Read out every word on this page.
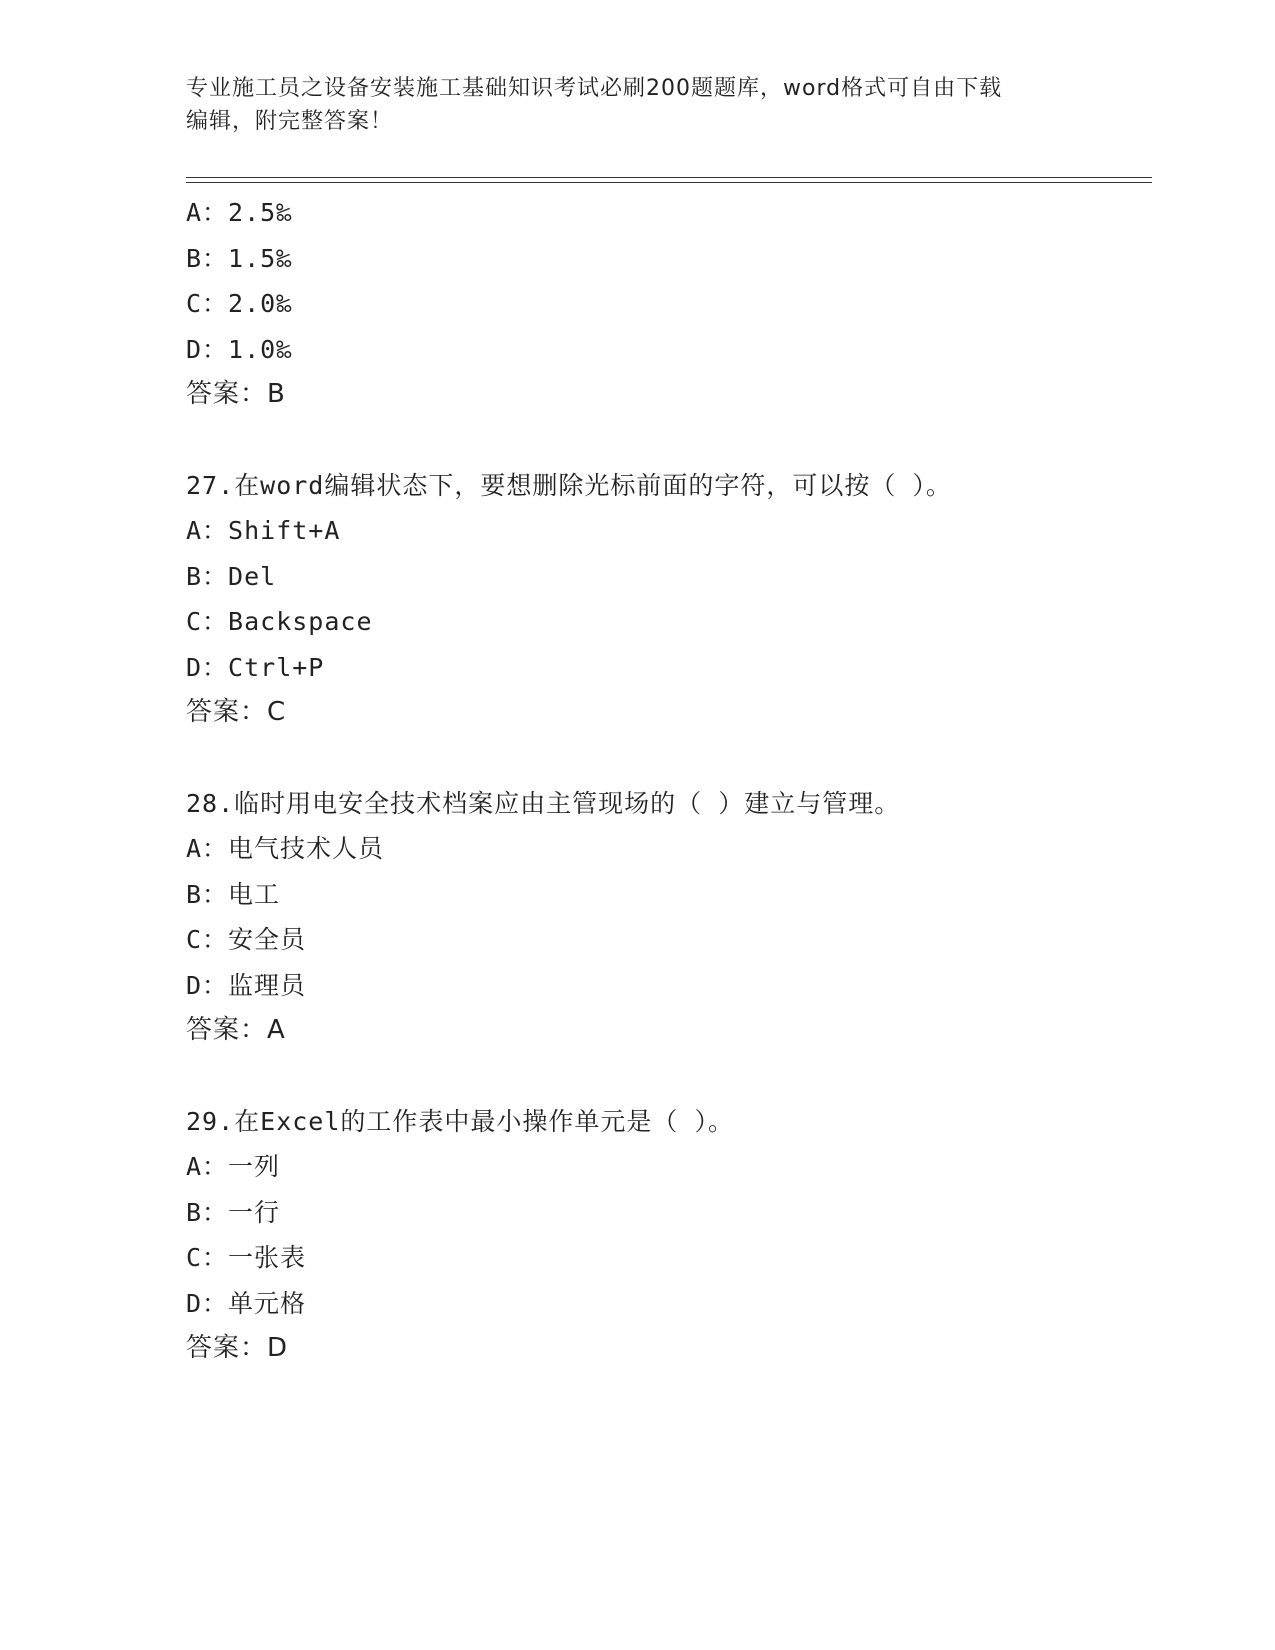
专业施工员之设备安装施工基础知识考试必刷200题题库，word格式可自由下载
编辑，附完整答案！
A：2.5‰
B：1.5‰
C：2.0‰
D：1.0‰
答案：B
27.在word编辑状态下，要想删除光标前面的字符，可以按（ ）。
A：Shift+A
B：Del
C：Backspace
D：Ctrl+P
答案：C
28.临时用电安全技术档案应由主管现场的（ ）建立与管理。
A：电气技术人员
B：电工
C：安全员
D：监理员
答案：A
29.在Excel的工作表中最小操作单元是（ ）。
A：一列
B：一行
C：一张表
D：单元格
答案：D
